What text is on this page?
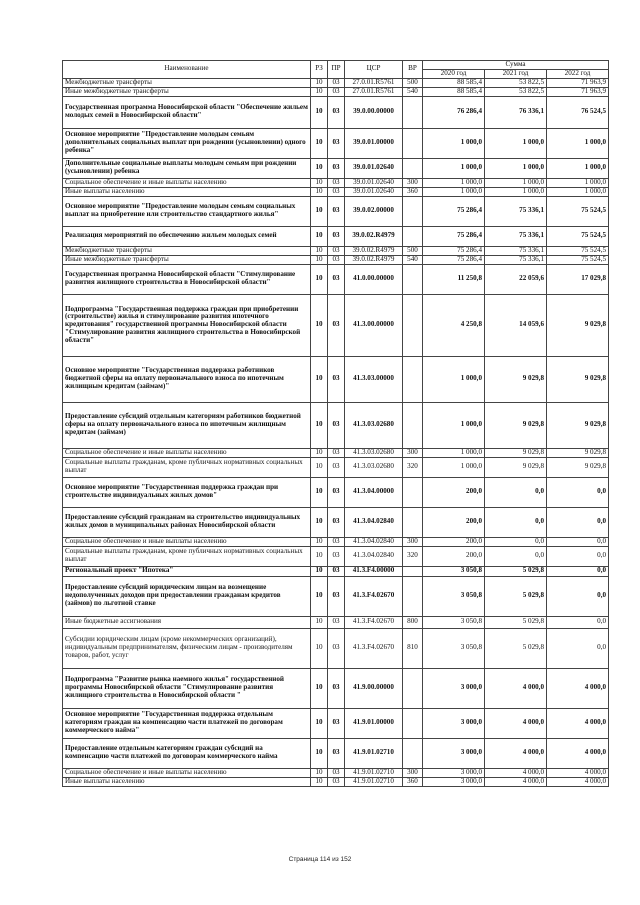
Наименование	РЗ	ПР	ЦСР	ВР	Сумма		
					2020 год	2021 год	2022 год
Межбюджетные трансферты	10	03	27.0.01.R5761	500	88 585,4	53 822,5	71 963,9
Иные межбюджетные трансферты	10	03	27.0.01.R5761	540	88 585,4	53 822,5	71 963,9
Государственная программа Новосибирской области "Обеспечение жильем молодых семей в Новосибирской области"	10	03	39.0.00.00000		76 286,4	76 336,1	76 524,5
Основное мероприятие "Предоставление молодым семьям дополнительных социальных выплат при рождении (усыновлении) одного ребенка"	10	03	39.0.01.00000		1 000,0	1 000,0	1 000,0
Дополнительные социальные выплаты молодым семьям при рождении (усыновлении) ребенка	10	03	39.0.01.02640		1 000,0	1 000,0	1 000,0
Социальное обеспечение и иные выплаты населению	10	03	39.0.01.02640	300	1 000,0	1 000,0	1 000,0
Иные выплаты населению	10	03	39.0.01.02640	360	1 000,0	1 000,0	1 000,0
Основное мероприятие "Предоставление молодым семьям социальных выплат на приобретение или строительство стандартного жилья"	10	03	39.0.02.00000		75 286,4	75 336,1	75 524,5
Реализация мероприятий по обеспечению жильем молодых семей	10	03	39.0.02.R4979		75 286,4	75 336,1	75 524,5
Межбюджетные трансферты	10	03	39.0.02.R4979	500	75 286,4	75 336,1	75 524,5
Иные межбюджетные трансферты	10	03	39.0.02.R4979	540	75 286,4	75 336,1	75 524,5
Государственная программа Новосибирской области "Стимулирование развития жилищного строительства в Новосибирской области"	10	03	41.0.00.00000		11 250,8	22 059,6	17 029,8
Подпрограмма "Государственная поддержка граждан при приобретении (строительстве) жилья и стимулирование развития ипотечного кредитования" государственной программы Новосибирской области "Стимулирование развития жилищного строительства в Новосибирской области"	10	03	41.3.00.00000		4 250,8	14 059,6	9 029,8
Основное мероприятие "Государственная поддержка работников бюджетной сферы на оплату первоначального взноса по ипотечным жилищным кредитам (займам)"	10	03	41.3.03.00000		1 000,0	9 029,8	9 029,8
Предоставление субсидий отдельным категориям работников бюджетной сферы на оплату первоначального взноса по ипотечным жилищным кредитам (займам)	10	03	41.3.03.02680		1 000,0	9 029,8	9 029,8
Социальное обеспечение и иные выплаты населению	10	03	41.3.03.02680	300	1 000,0	9 029,8	9 029,8
Социальные выплаты гражданам, кроме публичных нормативных социальных выплат	10	03	41.3.03.02680	320	1 000,0	9 029,8	9 029,8
Основное мероприятие "Государственная поддержка граждан при строительстве индивидуальных жилых домов"	10	03	41.3.04.00000		200,0	0,0	0,0
Предоставление субсидий гражданам на строительство индивидуальных жилых домов в муниципальных районах Новосибирской области	10	03	41.3.04.02840		200,0	0,0	0,0
Социальное обеспечение и иные выплаты населению	10	03	41.3.04.02840	300	200,0	0,0	0,0
Социальные выплаты гражданам, кроме публичных нормативных социальных выплат	10	03	41.3.04.02840	320	200,0	0,0	0,0
Региональный проект "Ипотека"	10	03	41.3.F4.00000		3 050,8	5 029,8	0,0
Предоставление субсидий юридическим лицам на возмещение недополученных доходов при предоставлении гражданам кредитов (займов) по льготной ставке	10	03	41.3.F4.02670		3 050,8	5 029,8	0,0
Иные бюджетные ассигнования	10	03	41.3.F4.02670	800	3 050,8	5 029,8	0,0
Субсидии юридическим лицам (кроме некоммерческих организаций), индивидуальным предпринимателям, физическим лицам - производителям товаров, работ, услуг	10	03	41.3.F4.02670	810	3 050,8	5 029,8	0,0
Подпрограмма "Развитие рынка наемного жилья" государственной программы Новосибирской области "Стимулирование развития жилищного строительства в Новосибирской области "	10	03	41.9.00.00000		3 000,0	4 000,0	4 000,0
Основное мероприятие "Государственная поддержка отдельным категориям граждан на компенсацию части платежей по договорам коммерческого найма"	10	03	41.9.01.00000		3 000,0	4 000,0	4 000,0
Предоставление отдельным категориям граждан субсидий на компенсацию части платежей по договорам коммерческого найма	10	03	41.9.01.02710		3 000,0	4 000,0	4 000,0
Социальное обеспечение и иные выплаты населению	10	03	41.9.01.02710	300	3 000,0	4 000,0	4 000,0
Иные выплаты населению	10	03	41.9.01.02710	360	3 000,0	4 000,0	4 000,0
Страница 114 из 152
